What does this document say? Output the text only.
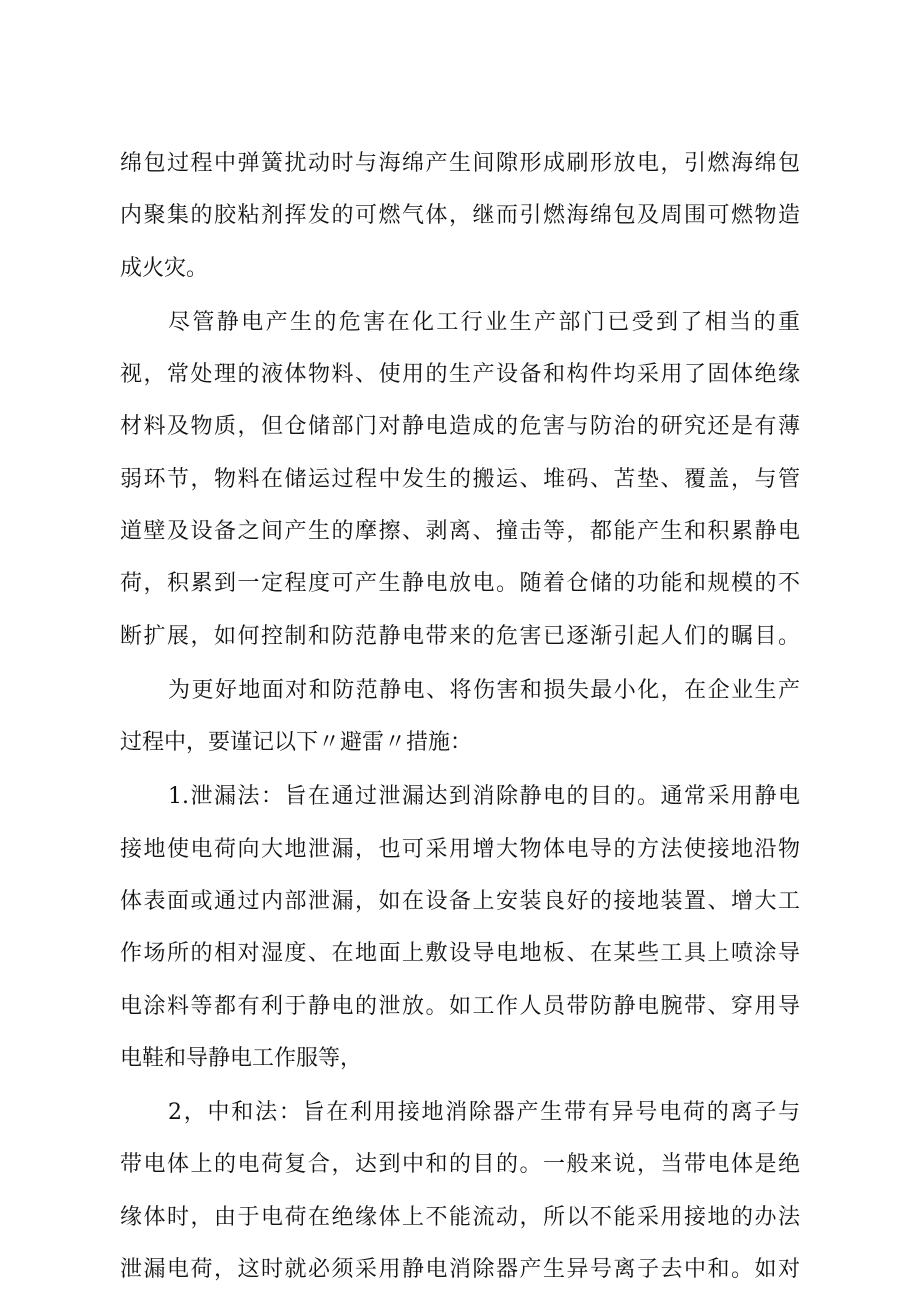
绵包过程中弹簧扰动时与海绵产生间隙形成刷形放电，引燃海绵包
内聚集的胶粘剂挥发的可燃气体，继而引燃海绵包及周围可燃物造
成火灾。
尽管静电产生的危害在化工行业生产部门已受到了相当的重
视，常处理的液体物料、使用的生产设备和构件均采用了固体绝缘
材料及物质，但仓储部门对静电造成的危害与防治的研究还是有薄
弱环节，物料在储运过程中发生的搬运、堆码、苫垫、覆盖，与管
道壁及设备之间产生的摩擦、剥离、撞击等，都能产生和积累静电
荷，积累到一定程度可产生静电放电。随着仓储的功能和规模的不
断扩展，如何控制和防范静电带来的危害已逐渐引起人们的瞩目。
为更好地面对和防范静电、将伤害和损失最小化，在企业生产
过程中，要谨记以下〃避雷〃措施：
1.泄漏法：旨在通过泄漏达到消除静电的目的。通常采用静电
接地使电荷向大地泄漏，也可采用增大物体电导的方法使接地沿物
体表面或通过内部泄漏，如在设备上安装良好的接地装置、增大工
作场所的相对湿度、在地面上敷设导电地板、在某些工具上喷涂导
电涂料等都有利于静电的泄放。如工作人员带防静电腕带、穿用导
电鞋和导静电工作服等，
2，中和法：旨在利用接地消除器产生带有异号电荷的离子与
带电体上的电荷复合，达到中和的目的。一般来说，当带电体是绝
缘体时，由于电荷在绝缘体上不能流动，所以不能采用接地的办法
泄漏电荷，这时就必须采用静电消除器产生异号离子去中和。如对
